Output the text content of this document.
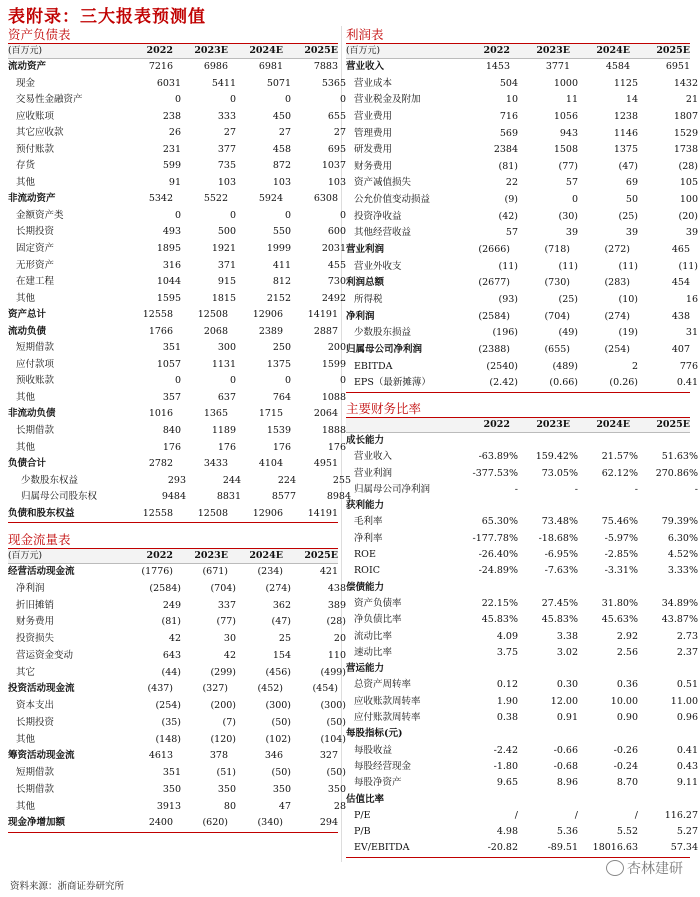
表附录：三大报表预测值
资产负债表
(百万元)	2022	2023E	2024E	2025E
流动资产	7216	6986	6981	7883
现金	6031	5411	5071	5365
交易性金融资产	0	0	0	0
应收账项	238	333	450	655
其它应收款	26	27	27	27
预付账款	231	377	458	695
存货	599	735	872	1037
其他	91	103	103	103
非流动资产	5342	5522	5924	6308
金额资产类	0	0	0	0
长期投资	493	500	550	600
固定资产	1895	1921	1999	2031
无形资产	316	371	411	455
在建工程	1044	915	812	730
其他	1595	1815	2152	2492
资产总计	12558	12508	12906	14191
流动负债	1766	2068	2389	2887
短期借款	351	300	250	200
应付款项	1057	1131	1375	1599
预收账款	0	0	0	0
其他	357	637	764	1088
非流动负债	1016	1365	1715	2064
长期借款	840	1189	1539	1888
其他	176	176	176	176
负债合计	2782	3433	4104	4951
少数股东权益	293	244	224	255
归属母公司股东权	9484	8831	8577	8984
负债和股东权益	12558	12508	12906	14191
现金流量表
(百万元)	2022	2023E	2024E	2025E
经营活动现金流	(1776)	(671)	(234)	421
净利润	(2584)	(704)	(274)	438
折旧摊销	249	337	362	389
财务费用	(81)	(77)	(47)	(28)
投资损失	42	30	25	20
营运资金变动	643	42	154	110
其它	(44)	(299)	(456)	(499)
投资活动现金流	(437)	(327)	(452)	(454)
资本支出	(254)	(200)	(300)	(300)
长期投资	(35)	(7)	(50)	(50)
其他	(148)	(120)	(102)	(104)
筹资活动现金流	4613	378	346	327
短期借款	351	(51)	(50)	(50)
长期借款	350	350	350	350
其他	3913	80	47	28
现金净增加额	2400	(620)	(340)	294
利润表
(百万元)	2022	2023E	2024E	2025E
营业收入	1453	3771	4584	6951
营业成本	504	1000	1125	1432
营业税金及附加	10	11	14	21
营业费用	716	1056	1238	1807
管理费用	569	943	1146	1529
研发费用	2384	1508	1375	1738
财务费用	(81)	(77)	(47)	(28)
资产减值损失	22	57	69	105
公允价值变动损益	(9)	0	50	100
投资净收益	(42)	(30)	(25)	(20)
其他经营收益	57	39	39	39
营业利润	(2666)	(718)	(272)	465
营业外收支	(11)	(11)	(11)	(11)
利润总额	(2677)	(730)	(283)	454
所得税	(93)	(25)	(10)	16
净利润	(2584)	(704)	(274)	438
少数股东损益	(196)	(49)	(19)	31
归属母公司净利润	(2388)	(655)	(254)	407
EBITDA	(2540)	(489)	2	776
EPS（最新摊薄）	(2.42)	(0.66)	(0.26)	0.41
主要财务比率
2022	2023E	2024E	2025E
成长能力
营业收入	-63.89%	159.42%	21.57%	51.63%
营业利润	-377.53%	73.05%	62.12%	270.86%
归属母公司净利润	-	-	-	-
获利能力
毛利率	65.30%	73.48%	75.46%	79.39%
净利率	-177.78%	-18.68%	-5.97%	6.30%
ROE	-26.40%	-6.95%	-2.85%	4.52%
ROIC	-24.89%	-7.63%	-3.31%	3.33%
偿债能力
资产负债率	22.15%	27.45%	31.80%	34.89%
净负债比率	45.83%	45.83%	45.63%	43.87%
流动比率	4.09	3.38	2.92	2.73
速动比率	3.75	3.02	2.56	2.37
营运能力
总资产周转率	0.12	0.30	0.36	0.51
应收账款周转率	1.90	12.00	10.00	11.00
应付账款周转率	0.38	0.91	0.90	0.96
每股指标(元)
每股收益	-2.42	-0.66	-0.26	0.41
每股经营现金	-1.80	-0.68	-0.24	0.43
每股净资产	9.65	8.96	8.70	9.11
估值比率
P/E	/	/	/	116.27
P/B	4.98	5.36	5.52	5.27
EV/EBITDA	-20.82	-89.51	18016.63	57.34
资料来源：浙商证券研究所
杏林建研
